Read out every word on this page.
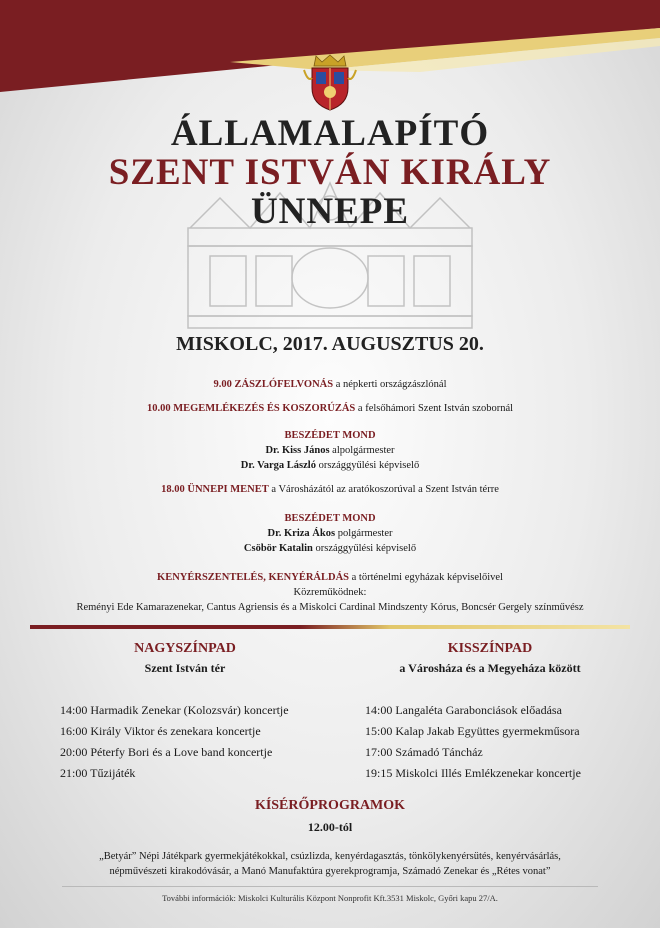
ÁLLAMALAPÍTÓ
SZENT ISTVÁN KIRÁLY
ÜNNEPE
MISKOLC, 2017. AUGUSZTUS 20.
9.00 ZÁSZLÓFELVONÁS a népkerti országzászlónál
10.00 MEGEMLÉKEZÉS ÉS KOSZORÚZÁS a felsőhámori Szent István szobornál
BESZÉDET MOND
Dr. Kiss János alpolgármester
Dr. Varga László országgyűlési képviselő
18.00 ÜNNEPI MENET a Városházától az aratókoszorúval a Szent István térre
BESZÉDET MOND
Dr. Kriza Ákos polgármester
Csöbör Katalin országgyűlési képviselő
KENYÉRSZENTELÉS, KENYÉRÁLDÁS a történelmi egyházak képviselőivel
Közreműködnek:
Reményi Ede Kamarazenekar, Cantus Agriensis és a Miskolci Cardinal Mindszenty Kórus, Boncsér Gergely színművész
NAGYSZÍNPAD
Szent István tér
14:00 Harmadik Zenekar (Kolozsvár) koncertje
16:00 Király Viktor és zenekara koncertje
20:00 Péterfy Bori és a Love band koncertje
21:00 Tűzijáték
KISSZÍNPAD
a Városháza és a Megyeháza között
14:00 Langaléta Garabonciások előadása
15:00 Kalap Jakab Együttes gyermekműsora
17:00 Számadó Táncház
19:15 Miskolci Illés Emlékzenekar koncertje
KÍSÉRŐPROGRAMOK
12.00-tól
„Betyár” Népi Játékpark gyermekjátékokkal, csúzlizda, kenyérdagasztás, tönkölykenyérsütés, kenyérvásárlás,
népművészeti kirakodóvásár, a Manó Manufaktúra gyerekprogramja, Számadó Zenekar és „Rétes vonat”
További információk: Miskolci Kulturális Központ Nonprofit Kft.3531 Miskolc, Győri kapu 27/A.
